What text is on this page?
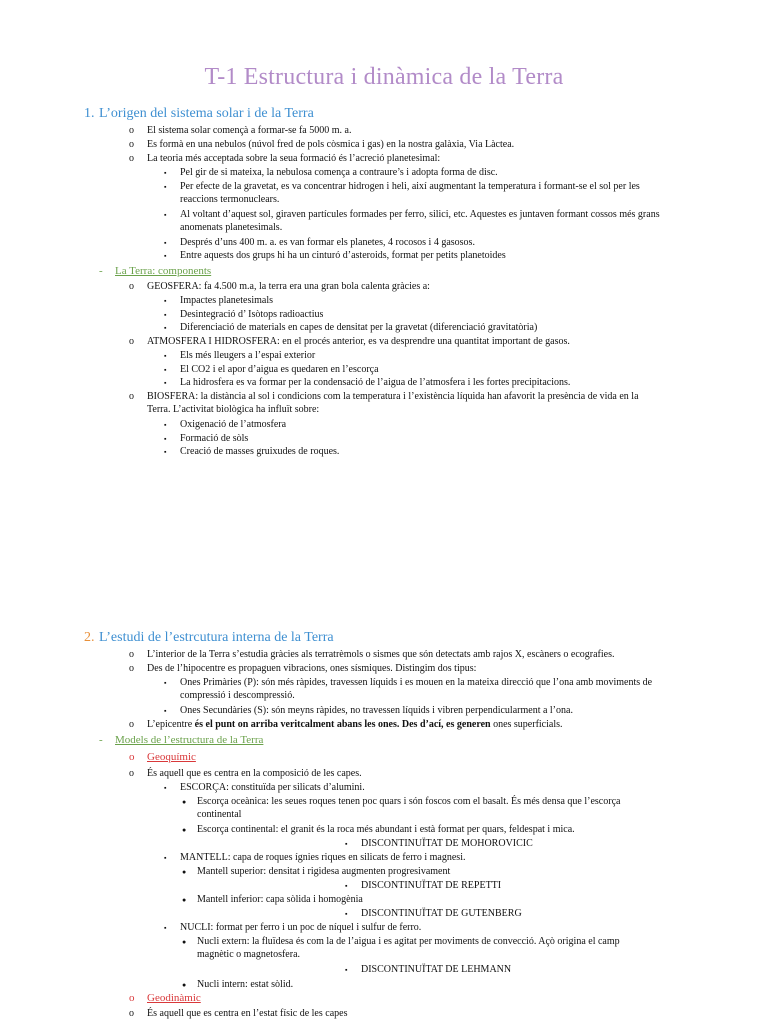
T-1 Estructura i dinàmica de la Terra
1. L’origen del sistema solar i de la Terra
o El sistema solar començà a formar-se fa 5000 m. a.
o Es formà en una nebulos (núvol fred de pols còsmica i gas) en la nostra galàxia, Via Làctea.
o La teoria més acceptada sobre la seua formació és l’acreció planetesimal:
▪ Pel gir de si mateixa, la nebulosa comença a contraure’s i adopta forma de disc.
▪ Per efecte de la gravetat, es va concentrar hidrogen i heli, així augmentant la temperatura i formant-se el sol per les
reaccions termonuclears.
▪ Al voltant d’aquest sol, giraven partícules formades per ferro, silici, etc. Aquestes es juntaven formant cossos més grans
anomenats planetesimals.
▪ Després d’uns 400 m. a. es van formar els planetes, 4 rocosos i 4 gasosos.
▪ Entre aquests dos grups hi ha un cinturó d’asteroids, format per petits planetoides
- La Terra: components
o GEOSFERA: fa 4.500 m.a, la terra era una gran bola calenta gràcies a:
▪ Impactes planetesimals
▪ Desintegració d’ Isòtops radioactius
▪ Diferenciació de materials en capes de densitat per la gravetat (diferenciació gravitatòria)
o ATMOSFERA I HIDROSFERA: en el procés anterior, es va desprendre una quantitat important de gasos.
▪ Els més lleugers a l’espai exterior
▪ El CO2 i el apor d’aigua es quedaren en l’escorça
▪ La hidrosfera es va formar per la condensació de l’aigua de l’atmosfera i les fortes precipitacions.
o BIOSFERA: la distància al sol i condicions com la temperatura i l’existència líquida han afavorit la presència de vida en la
Terra. L’activitat biològica ha influït sobre:
▪ Oxigenació de l’atmosfera
▪ Formació de sòls
▪ Creació de masses gruixudes de roques.
2. L’estudi de l’estrcutura interna de la Terra
o L’interior de la Terra s’estudia gràcies als terratrèmols o sismes que són detectats amb rajos X, escàners o ecografies.
o Des de l’hipocentre es propaguen vibracions, ones sísmiques. Distingim dos tipus:
▪ Ones Primàries (P): són més ràpides, travessen líquids i es mouen en la mateixa direcció que l’ona amb moviments de
compressió i descompressió.
▪ Ones Secundàries (S): són meyns ràpides, no travessen líquids i vibren perpendicularment a l’ona.
o L’epicentre és el punt on arriba veritcalment abans les ones. Des d’ací, es generen ones superficials.
- Models de l’estructura de la Terra
o Geoquímic
o És aquell que es centra en la composició de les capes.
▪ ESCORÇA: constituïda per silicats d’alumini.
● Escorça oceànica: les seues roques tenen poc quars i són foscos com el basalt. És més densa que l’escorça
continental
● Escorça continental: el granit és la roca més abundant i està format per quars, feldespat i mica.
▪ DISCONTINUÏTAT DE MOHOROVICIC
▪ MANTELL: capa de roques ígnies riques en silicats de ferro i magnesi.
● Mantell superior: densitat i rigidesa augmenten progresivament
▪ DISCONTINUÏTAT DE REPETTI
● Mantell inferior: capa sòlida i homogènia
▪ DISCONTINUÏTAT DE GUTENBERG
▪ NUCLI: format per ferro i un poc de níquel i sulfur de ferro.
● Nucli extern: la fluïdesa és com la de l’aigua i es agitat per moviments de convecció. Açò origina el camp
magnètic o magnetosfera.
▪ DISCONTINUÏTAT DE LEHMANN
● Nucli intern: estat sòlid.
o Geodinàmic
o És aquell que es centra en l’estat físic de les capes
